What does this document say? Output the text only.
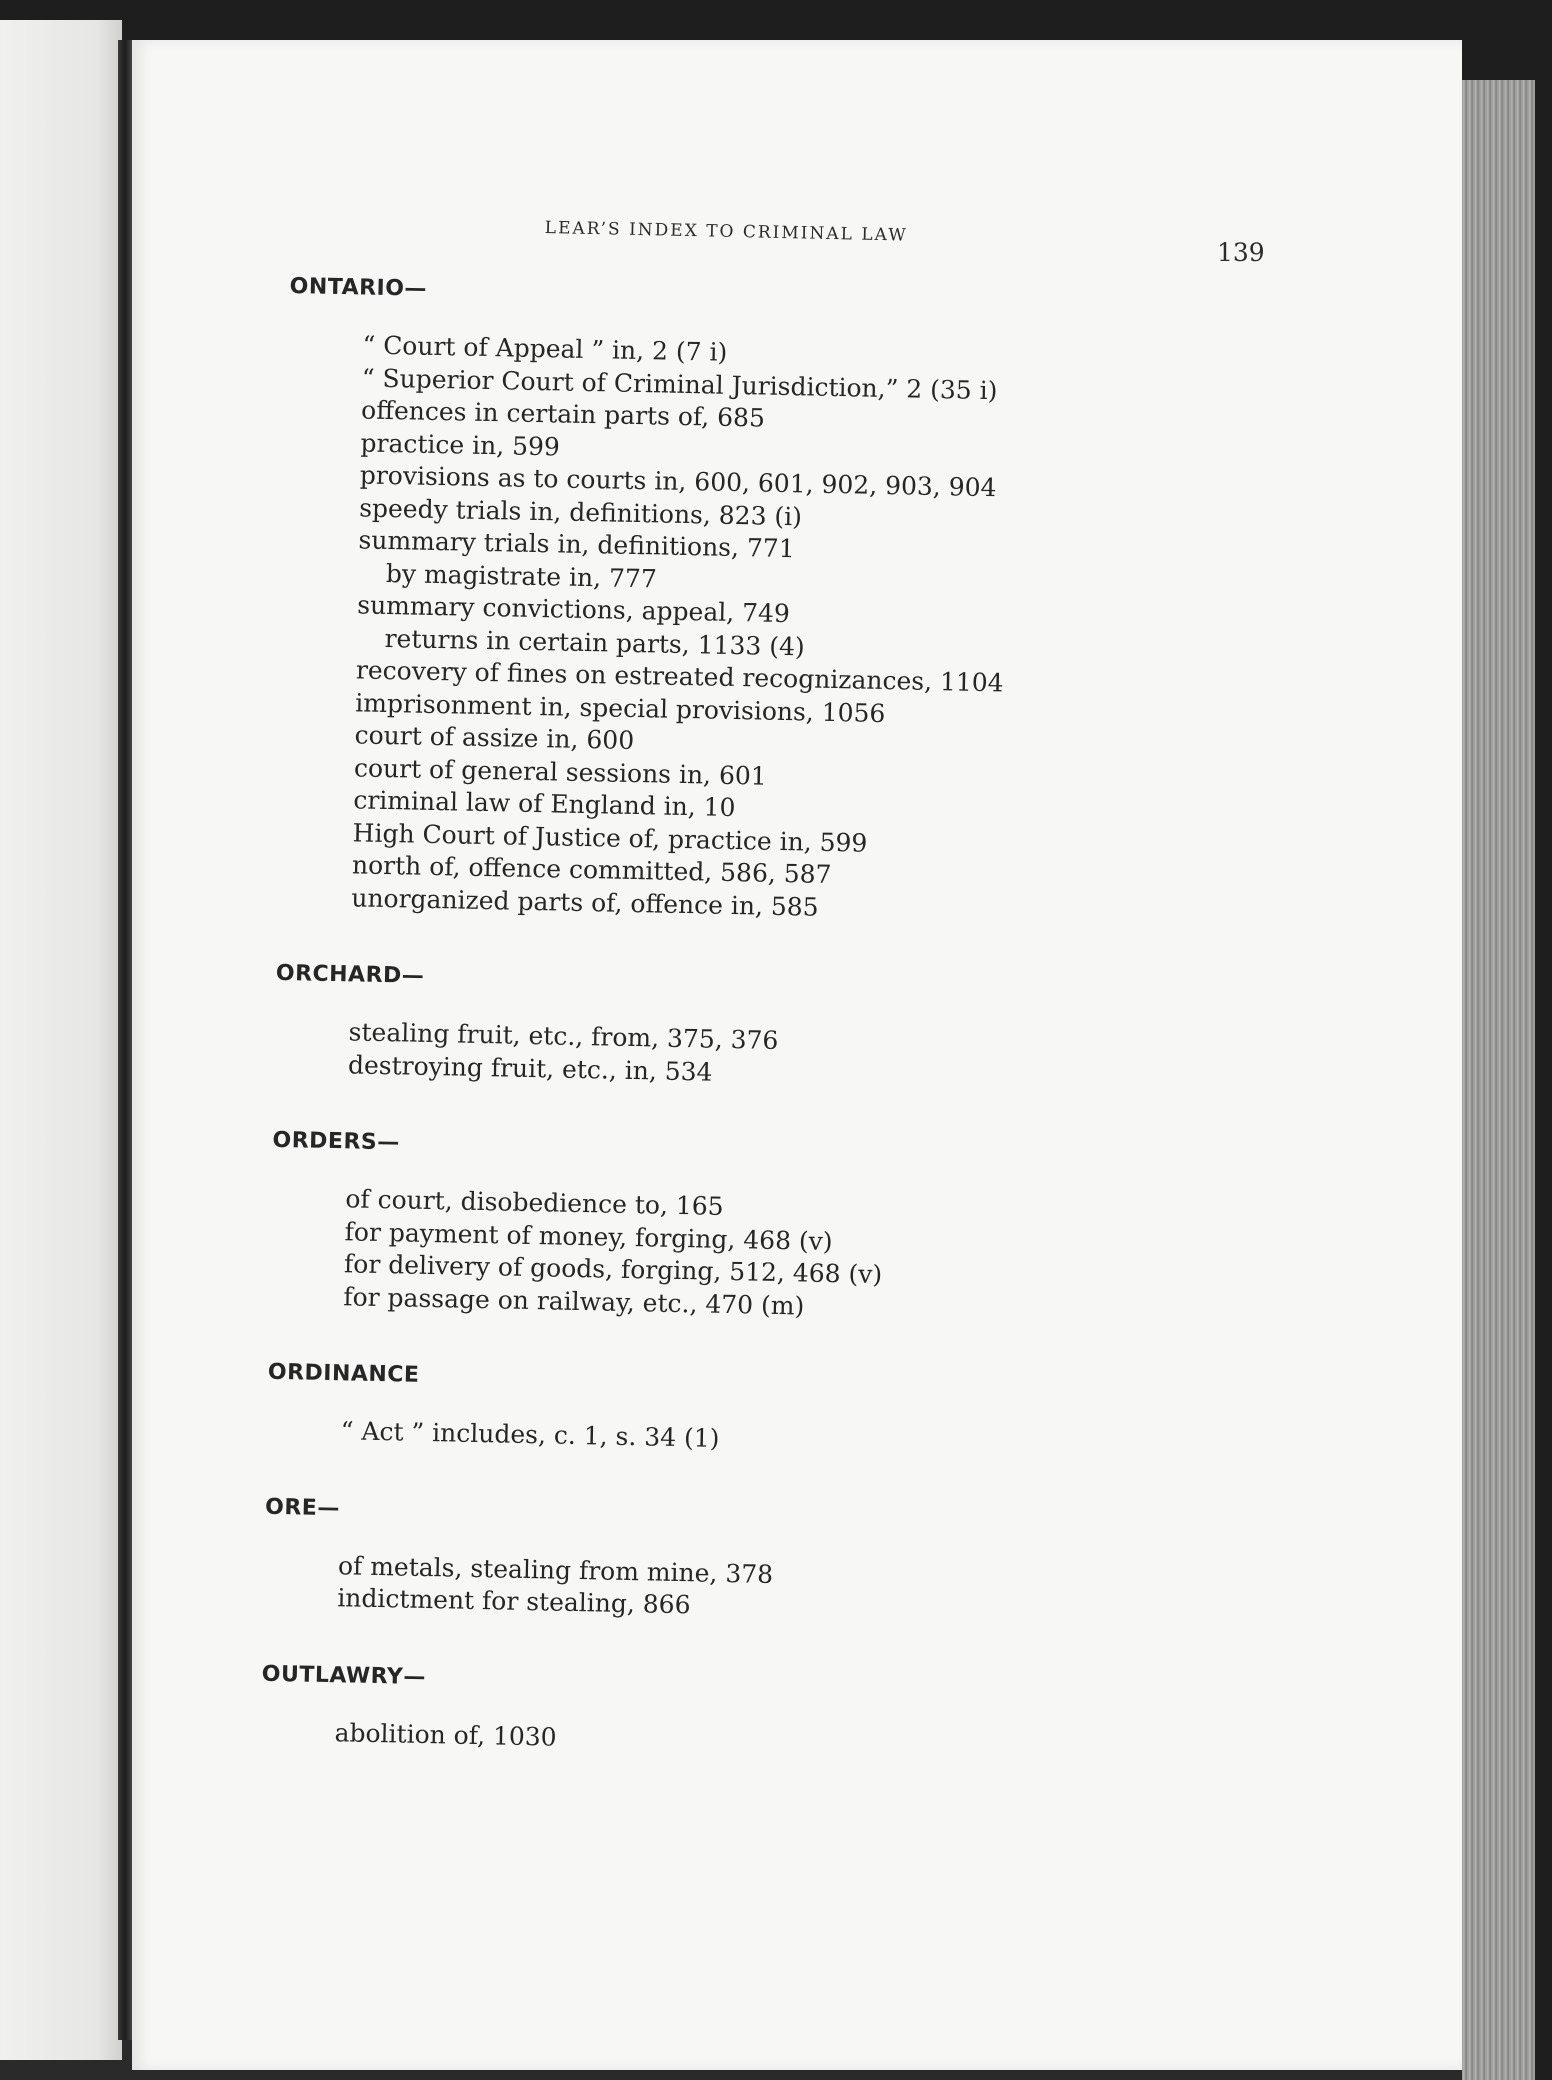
LEAR’S INDEX TO CRIMINAL LAW
139
ONTARIO—
“ Court of Appeal ” in, 2 (7 i)
“ Superior Court of Criminal Jurisdiction,” 2 (35 i)
offences in certain parts of, 685
practice in, 599
provisions as to courts in, 600, 601, 902, 903, 904
speedy trials in, definitions, 823 (i)
summary trials in, definitions, 771
by magistrate in, 777
summary convictions, appeal, 749
returns in certain parts, 1133 (4)
recovery of fines on estreated recognizances, 1104
imprisonment in, special provisions, 1056
court of assize in, 600
court of general sessions in, 601
criminal law of England in, 10
High Court of Justice of, practice in, 599
north of, offence committed, 586, 587
unorganized parts of, offence in, 585
ORCHARD—
stealing fruit, etc., from, 375, 376
destroying fruit, etc., in, 534
ORDERS—
of court, disobedience to, 165
for payment of money, forging, 468 (v)
for delivery of goods, forging, 512, 468 (v)
for passage on railway, etc., 470 (m)
ORDINANCE
“ Act ” includes, c. 1, s. 34 (1)
ORE—
of metals, stealing from mine, 378
indictment for stealing, 866
OUTLAWRY—
abolition of, 1030
